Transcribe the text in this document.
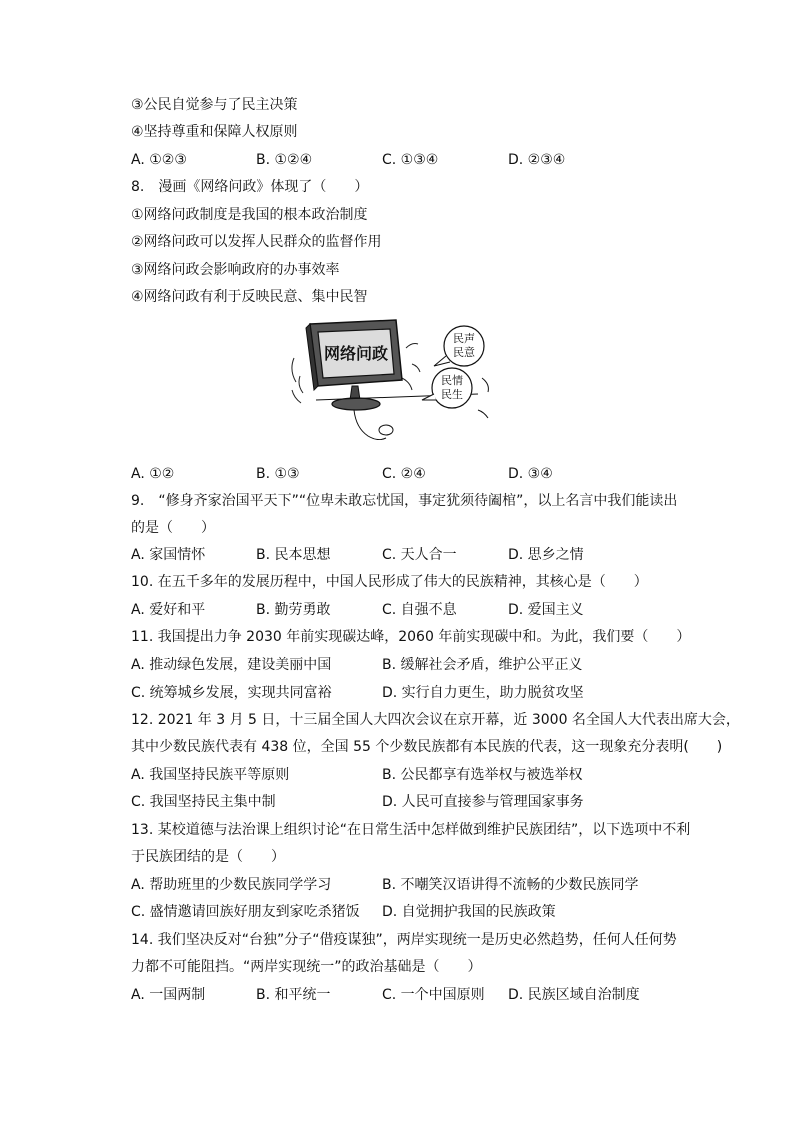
③公民自觉参与了民主决策
④坚持尊重和保障人权原则
A. ①②③	B. ①②④	C. ①③④	D. ②③④
8.　漫画《网络问政》体现了（　　）
①网络问政制度是我国的根本政治制度
②网络问政可以发挥人民群众的监督作用
③网络问政会影响政府的办事效率
④网络问政有利于反映民意、集中民智
网络问政
民声
民意
民情
民生
A. ①②	B. ①③	C. ②④	D. ③④
9.　“修身齐家治国平天下”“位卑未敢忘忧国，事定犹须待阖棺”，以上名言中我们能读出
的是（　　）
A. 家国情怀	B. 民本思想	C. 天人合一	D. 思乡之情
10. 在五千多年的发展历程中，中国人民形成了伟大的民族精神，其核心是（　　）
A. 爱好和平	B. 勤劳勇敢	C. 自强不息	D. 爱国主义
11. 我国提出力争 2030 年前实现碳达峰，2060 年前实现碳中和。为此，我们要（　　）
A. 推动绿色发展，建设美丽中国	B. 缓解社会矛盾，维护公平正义
C. 统筹城乡发展，实现共同富裕	D. 实行自力更生，助力脱贫攻坚
12. 2021 年 3 月 5 日，十三届全国人大四次会议在京开幕，近 3000 名全国人大代表出席大会，
其中少数民族代表有 438 位，全国 55 个少数民族都有本民族的代表，这一现象充分表明(　　)
A. 我国坚持民族平等原则	B. 公民都享有选举权与被选举权
C. 我国坚持民主集中制	D. 人民可直接参与管理国家事务
13. 某校道德与法治课上组织讨论“在日常生活中怎样做到维护民族团结”，以下选项中不利
于民族团结的是（　　）
A. 帮助班里的少数民族同学学习	B. 不嘲笑汉语讲得不流畅的少数民族同学
C. 盛情邀请回族好朋友到家吃杀猪饭 D. 自觉拥护我国的民族政策
14. 我们坚决反对“台独”分子“借疫谋独”，两岸实现统一是历史必然趋势，任何人任何势
力都不可能阻挡。“两岸实现统一”的政治基础是（　　）
A. 一国两制	B. 和平统一	C. 一个中国原则 D. 民族区域自治制度
